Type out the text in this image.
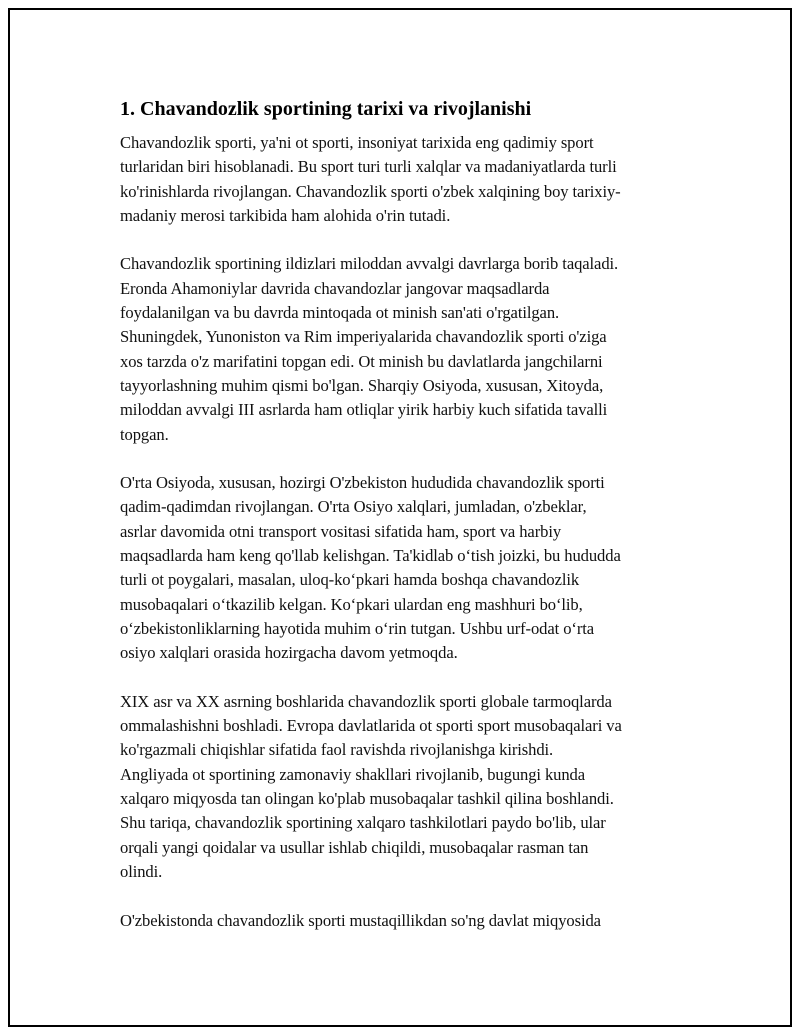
1. Chavandozlik sportining tarixi va rivojlanishi

Chavandozlik sporti, ya'ni ot sporti, insoniyat tarixida eng qadimiy sport
turlaridan biri hisoblanadi. Bu sport turi turli xalqlar va madaniyatlarda turli
ko'rinishlarda rivojlangan. Chavandozlik sporti o'zbek xalqining boy tarixiy-
madaniy merosi tarkibida ham alohida o'rin tutadi.

Chavandozlik sportining ildizlari miloddan avvalgi davrlarga borib taqaladi.
Eronda Ahamoniylar davrida chavandozlar jangovar maqsadlarda
foydalanilgan va bu davrda mintoqada ot minish san'ati o'rgatilgan.
Shuningdek, Yunoniston va Rim imperiyalarida chavandozlik sporti o'ziga
xos tarzda o'z marifatini topgan edi. Ot minish bu davlatlarda jangchilarni
tayyorlashning muhim qismi bo'lgan. Sharqiy Osiyoda, xususan, Xitoyda,
miloddan avvalgi III asrlarda ham otliqlar yirik harbiy kuch sifatida tavalli
topgan.

O'rta Osiyoda, xususan, hozirgi O'zbekiston hududida chavandozlik sporti
qadim-qadimdan rivojlangan. O'rta Osiyo xalqlari, jumladan, o'zbeklar,
asrlar davomida otni transport vositasi sifatida ham, sport va harbiy
maqsadlarda ham keng qo'llab kelishgan. Ta'kidlab o‘tish joizki, bu hududda
turli ot poygalari, masalan, uloq-ko‘pkari hamda boshqa chavandozlik
musobaqalari o‘tkazilib kelgan. Ko‘pkari ulardan eng mashhuri bo‘lib,
o‘zbekistonliklarning hayotida muhim o‘rin tutgan. Ushbu urf-odat o‘rta
osiyo xalqlari orasida hozirgacha davom yetmoqda.

XIX asr va XX asrning boshlarida chavandozlik sporti globale tarmoqlarda
ommalashishni boshladi. Evropa davlatlarida ot sporti sport musobaqalari va
ko'rgazmali chiqishlar sifatida faol ravishda rivojlanishga kirishdi.
Angliyada ot sportining zamonaviy shakllari rivojlanib, bugungi kunda
xalqaro miqyosda tan olingan ko'plab musobaqalar tashkil qilina boshlandi.
Shu tariqa, chavandozlik sportining xalqaro tashkilotlari paydo bo'lib, ular
orqali yangi qoidalar va usullar ishlab chiqildi, musobaqalar rasman tan
olindi.

O'zbekistonda chavandozlik sporti mustaqillikdan so'ng davlat miqyosida
